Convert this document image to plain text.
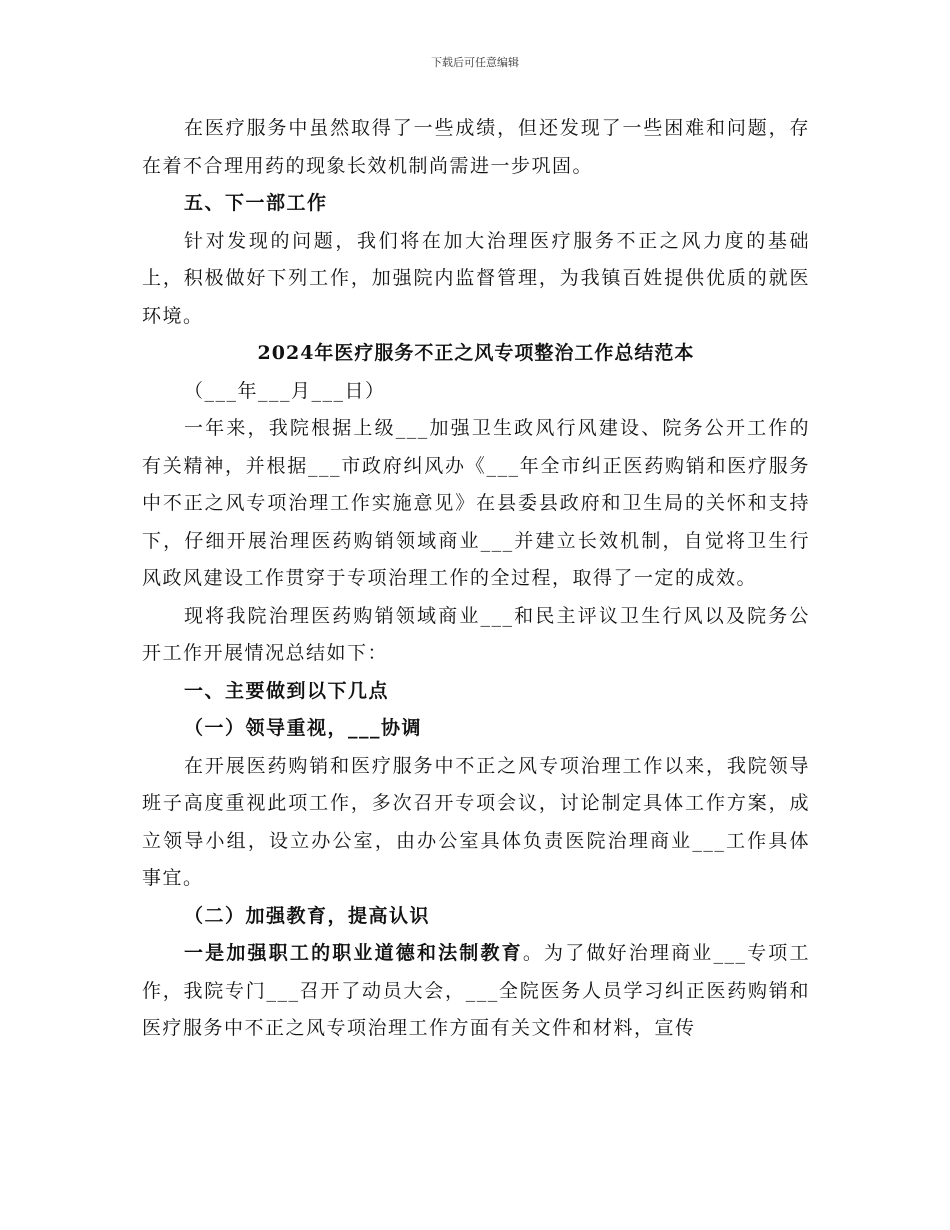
下载后可任意编辑

在医疗服务中虽然取得了一些成绩，但还发现了一些困难和问题，存在着不合理用药的现象长效机制尚需进一步巩固。

五、下一部工作

针对发现的问题，我们将在加大治理医疗服务不正之风力度的基础上，积极做好下列工作，加强院内监督管理，为我镇百姓提供优质的就医环境。

2024年医疗服务不正之风专项整治工作总结范本

（___年___月___日）

一年来，我院根据上级___加强卫生政风行风建设、院务公开工作的有关精神，并根据___市政府纠风办《___年全市纠正医药购销和医疗服务中不正之风专项治理工作实施意见》在县委县政府和卫生局的关怀和支持下，仔细开展治理医药购销领域商业___并建立长效机制，自觉将卫生行风政风建设工作贯穿于专项治理工作的全过程，取得了一定的成效。

现将我院治理医药购销领域商业___和民主评议卫生行风以及院务公开工作开展情况总结如下：

一、主要做到以下几点

（一）领导重视，___协调

在开展医药购销和医疗服务中不正之风专项治理工作以来，我院领导班子高度重视此项工作，多次召开专项会议，讨论制定具体工作方案，成立领导小组，设立办公室，由办公室具体负责医院治理商业___工作具体事宜。

（二）加强教育，提高认识

一是加强职工的职业道德和法制教育。为了做好治理商业___专项工作，我院专门___召开了动员大会，___全院医务人员学习纠正医药购销和医疗服务中不正之风专项治理工作方面有关文件和材料，宣传
